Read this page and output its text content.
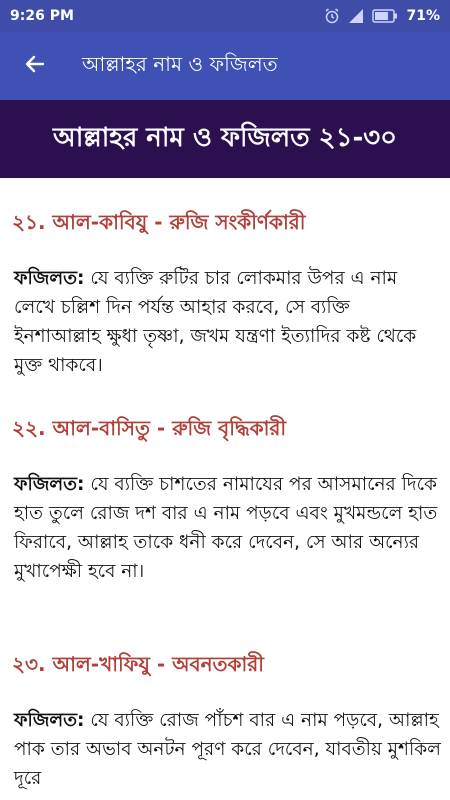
9:26 PM	71%
আল্লাহর নাম ও ফজিলত
আল্লাহর নাম ও ফজিলত ২১-৩০

২১. আল-কাবিযু - রুজি সংকীর্ণকারী

ফজিলত: যে ব্যক্তি রুটির চার লোকমার উপর এ নাম লেখে চল্লিশ দিন পর্যন্ত আহার করবে, সে ব্যক্তি ইনশাআল্লাহ ক্ষুধা তৃষ্ণা, জখম যন্ত্রণা ইত্যাদির কষ্ট থেকে মুক্ত থাকবে।

২২. আল-বাসিতু - রুজি বৃদ্ধিকারী

ফজিলত: যে ব্যক্তি চাশতের নামাযের পর আসমানের দিকে হাত তুলে রোজ দশ বার এ নাম পড়বে এবং মুখমন্ডলে হাত ফিরাবে, আল্লাহ তাকে ধনী করে দেবেন, সে আর অন্যের মুখাপেক্ষী হবে না।

২৩. আল-খাফিযু - অবনতকারী

ফজিলত: যে ব্যক্তি রোজ পাঁচশ বার এ নাম পড়বে, আল্লাহ পাক তার অভাব অনটন পূরণ করে দেবেন, যাবতীয় মুশকিল দূরে
